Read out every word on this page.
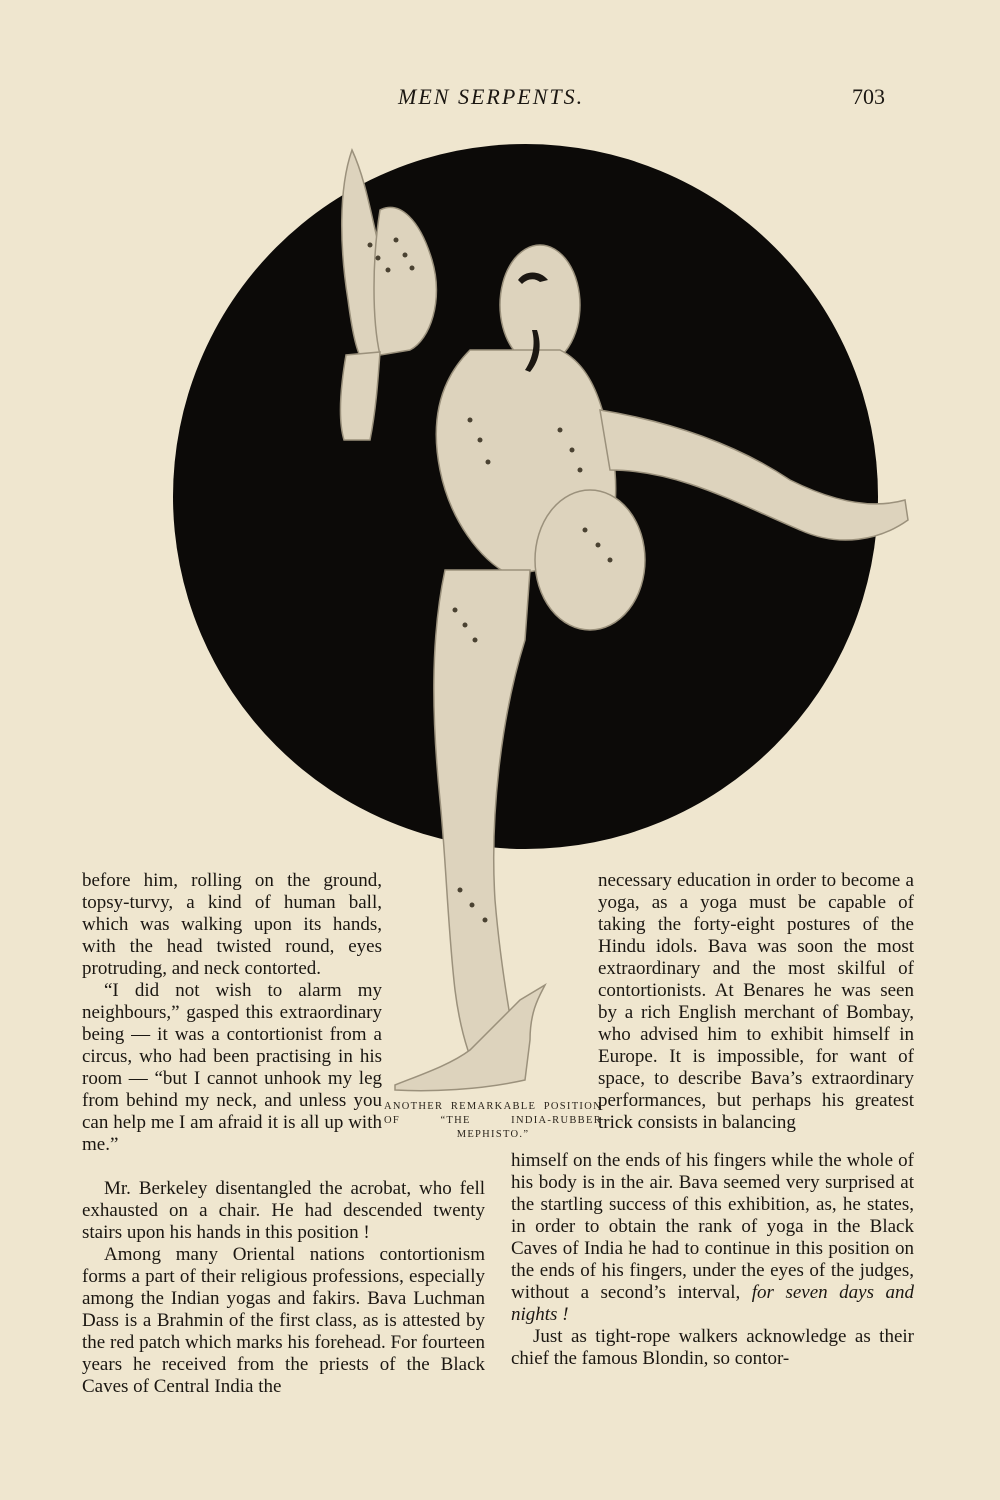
MEN SERPENTS.	703
ANOTHER REMARKABLE POSITION OF “THE INDIA-RUBBER MEPHISTO.”

before him, rolling on the ground, topsy-turvy, a kind of human ball, which was walking upon its hands, with the head twisted round, eyes protruding, and neck contorted.

“I did not wish to alarm my neighbours,” gasped this extraordinary being — it was a contortionist from a circus, who had been practising in his room — “but I cannot unhook my leg from behind my neck, and unless you can help me I am afraid it is all up with me.”

Mr. Berkeley disentangled the acrobat, who fell exhausted on a chair. He had descended twenty stairs upon his hands in this position !

Among many Oriental nations contortionism forms a part of their religious professions, especially among the Indian yogas and fakirs. Bava Luchman Dass is a Brahmin of the first class, as is attested by the red patch which marks his forehead. For fourteen years he received from the priests of the Black Caves of Central India the

necessary education in order to become a yoga, as a yoga must be capable of taking the forty-eight postures of the Hindu idols. Bava was soon the most extraordinary and the most skilful of contortionists. At Benares he was seen by a rich English merchant of Bombay, who advised him to exhibit himself in Europe. It is impossible, for want of space, to describe Bava’s extraordinary performances, but perhaps his greatest trick consists in balancing

himself on the ends of his fingers while the whole of his body is in the air. Bava seemed very surprised at the startling success of this exhibition, as, he states, in order to obtain the rank of yoga in the Black Caves of India he had to continue in this position on the ends of his fingers, under the eyes of the judges, without a second’s interval, for seven days and nights !

Just as tight-rope walkers acknowledge as their chief the famous Blondin, so contor-
